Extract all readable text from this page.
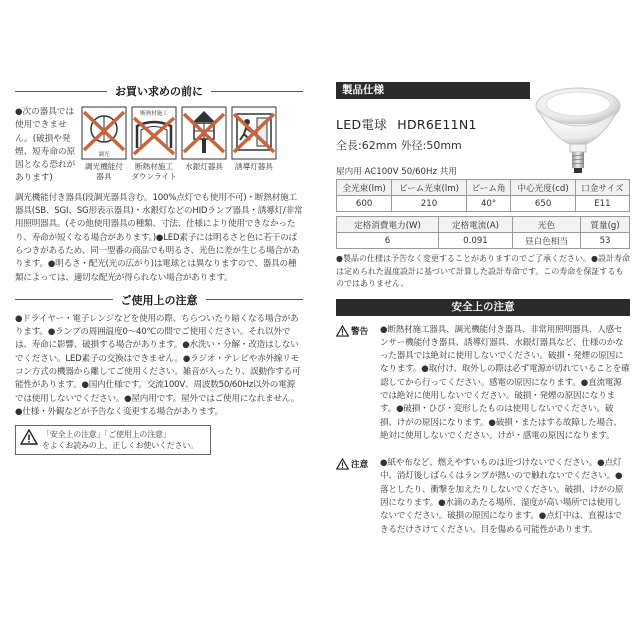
お買い求めの前に
●次の器具では使用できません。(破損や発煙、短寿命の原因となる恐れがあります)
調光
調光機能付
器具
断熱材施工
断熱材施工
ダウンライト
水銀灯器具 誘導灯器具
調光機能付き器具(段調光器具含む。100%点灯でも使用不可)・断熱材施工器具(SB、SGI、SG形表示器具)・水銀灯などのHIDランプ器具・誘導灯/非常用照明器具。(その他使用器具の種類、寸法、仕様により使用できなかったり、寿命が短くなる場合があります。)●LED素子には明るさと色に若干のばらつきがあるため、同一型番の商品でも明るさ、光色に差が生じる場合があります。●明るさ・配光(光の広がり)は電球とは異なりますので、器具の種類によっては、適切な配光が得られない場合があります。
ご使用上の注意
●ドライヤー・電子レンジなどを使用の際、ちらついたり暗くなる場合があります。●ランプの周囲温度0〜40℃の間でご使用ください。それ以外では、寿命に影響、破損する場合があります。●水洗い・分解・改造はしないでください。LED素子の交換はできません。●ラジオ・テレビや赤外線リモコン方式の機器から離してご使用ください。雑音が入ったり、誤動作する可能性があります。●国内仕様です。交流100V、周波数50/60Hz以外の電源では使用しないでください。●屋内用です。屋外ではご使用になれません。●仕様・外観などが予告なく変更する場合があります。
「安全上の注意」「ご使用上の注意」
をよくお読みの上、正しくお使いください。
製品仕様
LED電球 HDR6E11N1
全長:62mm 外径:50mm
屋内用 AC100V 50/60Hz 共用
全光束(lm)	ビーム光束(lm)	ビーム角	中心光度(cd)	口金サイズ
600	210	40°	650	E11
定格消費電力(W)	定格電流(A)	光色	質量(g)
6	0.091	昼白色相当	53
●製品の仕様は予告なく変更することがありますのでご了承ください。●設計寿命は定められた温度設計に基づいて計算した設計寿命です。この寿命を保証するものではありません。
安全上の注意
警告 ●断熱材施工器具、調光機能付き器具、非常用照明器具、人感センサー機能付き器具、誘導灯器具、水銀灯器具など、仕様のかなった器具では絶対に使用しないでください。破損・発煙の原因になります。●取付け、取外しの際は必ず電源が切れていることを確認してから行ってください。感電の原因になります。●直流電源では絶対に使用しないでください。破損・発煙の原因になります。●破損・ひび・変形したものは使用しないでください。破損、けがの原因になります。●破損・またはする故障した場合、絶対に使用しないでください。けが・感電の原因になります。
注意 ●紙や布など、燃えやすいものは近づけないでください。●点灯中、消灯後しばらくはランプが熱いので触れないでください。●落としたり、衝撃を加えたりしないでください。破損、けがの原因になります。●水滴のあたる場所、湿度が高い場所では使用しないでください。破損の原因になります。●点灯中は、直視はできるだけさけてください。目を傷める可能性があります。
